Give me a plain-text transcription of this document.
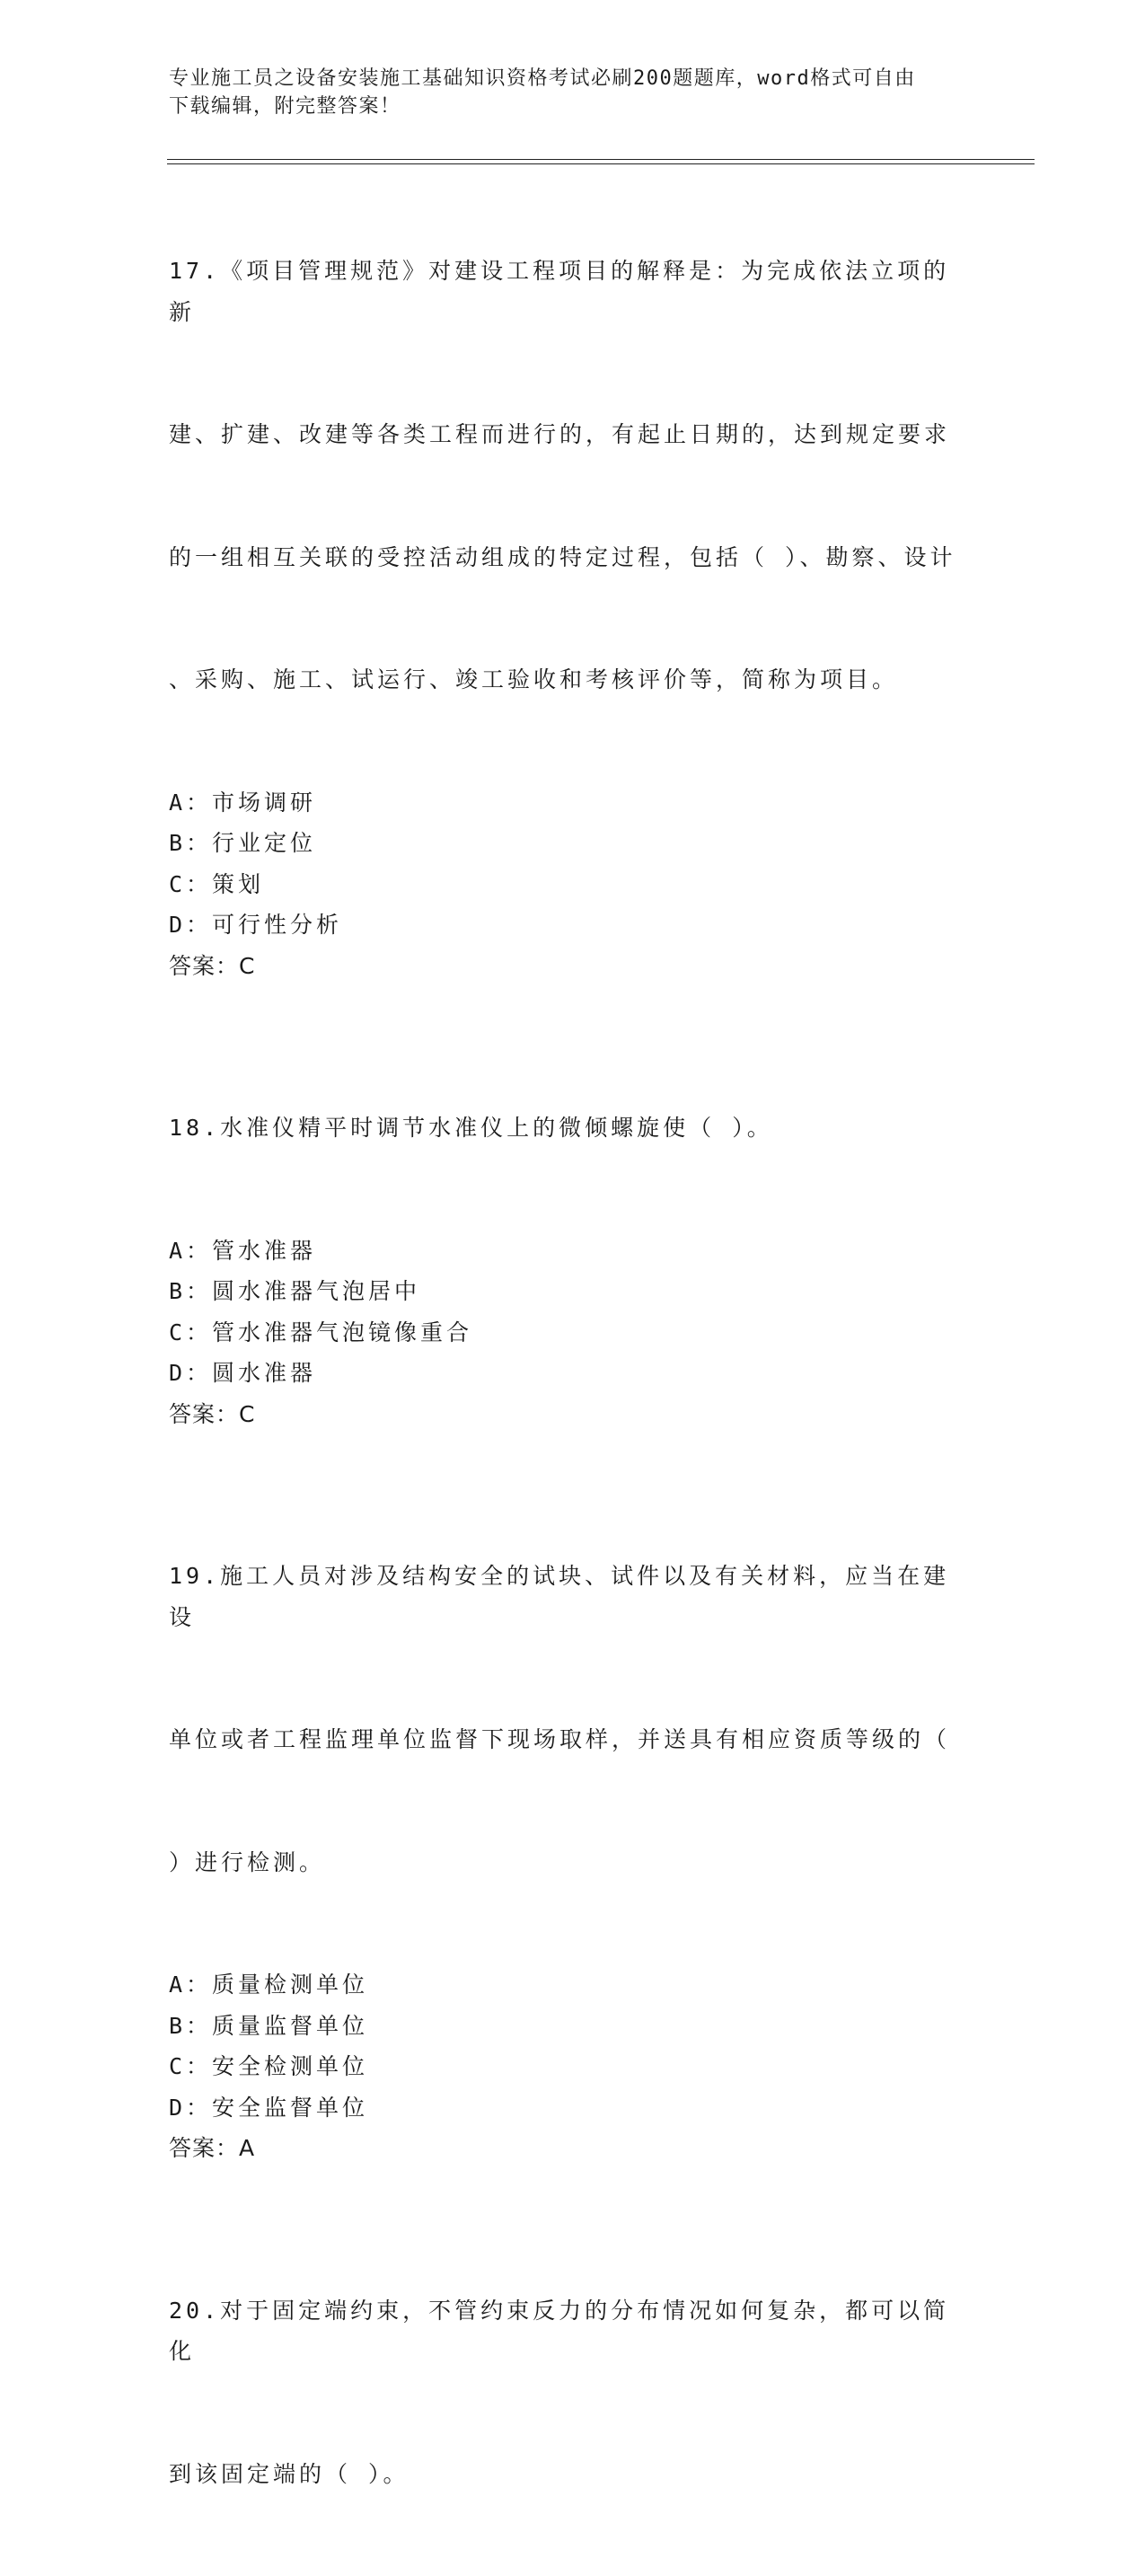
专业施工员之设备安装施工基础知识资格考试必刷200题题库，word格式可自由
下载编辑，附完整答案！

17.《项目管理规范》对建设工程项目的解释是：为完成依法立项的新

建、扩建、改建等各类工程而进行的，有起止日期的，达到规定要求

的一组相互关联的受控活动组成的特定过程，包括（ ）、勘察、设计

、采购、施工、试运行、竣工验收和考核评价等，简称为项目。

A：市场调研
B：行业定位
C：策划
D：可行性分析
答案：C

18.水准仪精平时调节水准仪上的微倾螺旋使（ ）。

A：管水准器
B：圆水准器气泡居中
C：管水准器气泡镜像重合
D：圆水准器
答案：C

19.施工人员对涉及结构安全的试块、试件以及有关材料，应当在建设

单位或者工程监理单位监督下现场取样，并送具有相应资质等级的（

）进行检测。

A：质量检测单位
B：质量监督单位
C：安全检测单位
D：安全监督单位
答案：A

20.对于固定端约束，不管约束反力的分布情况如何复杂，都可以简化

到该固定端的（ ）。
